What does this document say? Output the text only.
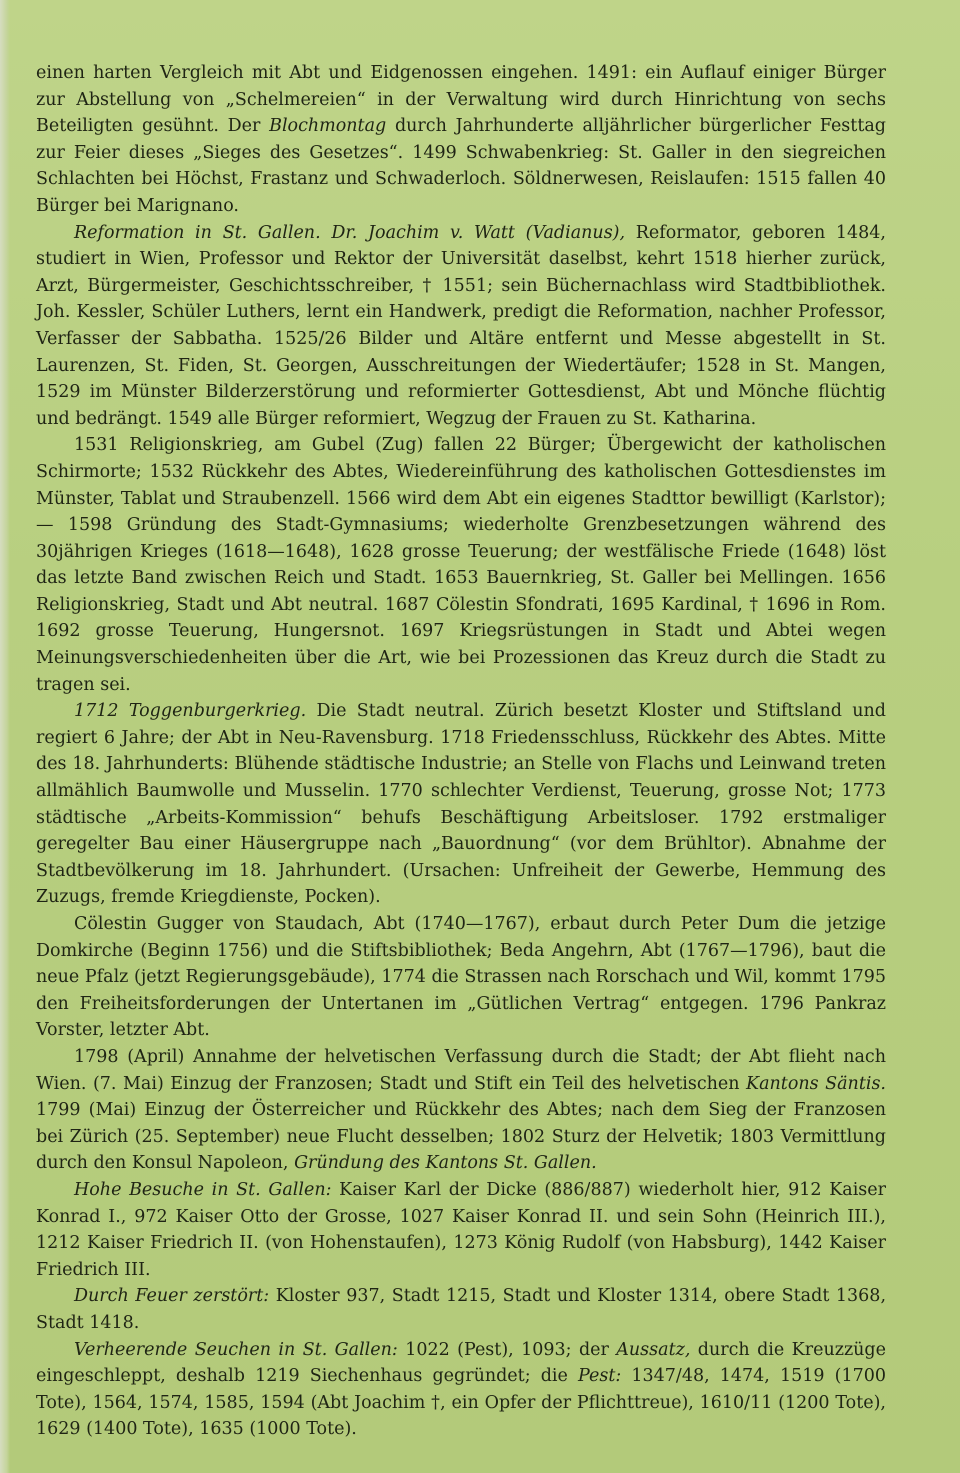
einen harten Vergleich mit Abt und Eidgenossen eingehen. 1491: ein Auflauf einiger Bürger zur Abstellung von „Schelmereien“ in der Verwaltung wird durch Hinrichtung von sechs Beteiligten gesühnt. Der Blochmontag durch Jahrhunderte alljährlicher bürgerlicher Festtag zur Feier dieses „Sieges des Gesetzes“. 1499 Schwabenkrieg: St. Galler in den siegreichen Schlachten bei Höchst, Frastanz und Schwaderloch. Söldnerwesen, Reislaufen: 1515 fallen 40 Bürger bei Marignano.

Reformation in St. Gallen. Dr. Joachim v. Watt (Vadianus), Reformator, geboren 1484, studiert in Wien, Professor und Rektor der Universität daselbst, kehrt 1518 hierher zurück, Arzt, Bürgermeister, Geschichtsschreiber, † 1551; sein Büchernachlass wird Stadtbibliothek. Joh. Kessler, Schüler Luthers, lernt ein Handwerk, predigt die Reformation, nachher Professor, Verfasser der Sabbatha. 1525/26 Bilder und Altäre entfernt und Messe abgestellt in St. Laurenzen, St. Fiden, St. Georgen, Ausschreitungen der Wiedertäufer; 1528 in St. Mangen, 1529 im Münster Bilderzerstörung und reformierter Gottesdienst, Abt und Mönche flüchtig und bedrängt. 1549 alle Bürger reformiert, Wegzug der Frauen zu St. Katharina.

1531 Religionskrieg, am Gubel (Zug) fallen 22 Bürger; Übergewicht der katholischen Schirmorte; 1532 Rückkehr des Abtes, Wiedereinführung des katholischen Gottesdienstes im Münster, Tablat und Straubenzell. 1566 wird dem Abt ein eigenes Stadttor bewilligt (Karlstor); — 1598 Gründung des Stadt-Gymnasiums; wiederholte Grenzbesetzungen während des 30jährigen Krieges (1618—1648), 1628 grosse Teuerung; der westfälische Friede (1648) löst das letzte Band zwischen Reich und Stadt. 1653 Bauernkrieg, St. Galler bei Mellingen. 1656 Religionskrieg, Stadt und Abt neutral. 1687 Cölestin Sfondrati, 1695 Kardinal, † 1696 in Rom. 1692 grosse Teuerung, Hungersnot. 1697 Kriegsrüstungen in Stadt und Abtei wegen Meinungsverschiedenheiten über die Art, wie bei Prozessionen das Kreuz durch die Stadt zu tragen sei.

1712 Toggenburgerkrieg. Die Stadt neutral. Zürich besetzt Kloster und Stiftsland und regiert 6 Jahre; der Abt in Neu-Ravensburg. 1718 Friedensschluss, Rückkehr des Abtes. Mitte des 18. Jahrhunderts: Blühende städtische Industrie; an Stelle von Flachs und Leinwand treten allmählich Baumwolle und Musselin. 1770 schlechter Verdienst, Teuerung, grosse Not; 1773 städtische „Arbeits-Kommission“ behufs Beschäftigung Arbeitsloser. 1792 erstmaliger geregelter Bau einer Häusergruppe nach „Bauordnung“ (vor dem Brühltor). Abnahme der Stadtbevölkerung im 18. Jahrhundert. (Ursachen: Unfreiheit der Gewerbe, Hemmung des Zuzugs, fremde Kriegdienste, Pocken).

Cölestin Gugger von Staudach, Abt (1740—1767), erbaut durch Peter Dum die jetzige Domkirche (Beginn 1756) und die Stiftsbibliothek; Beda Angehrn, Abt (1767—1796), baut die neue Pfalz (jetzt Regierungsgebäude), 1774 die Strassen nach Rorschach und Wil, kommt 1795 den Freiheitsforderungen der Untertanen im „Gütlichen Vertrag“ entgegen. 1796 Pankraz Vorster, letzter Abt.

1798 (April) Annahme der helvetischen Verfassung durch die Stadt; der Abt flieht nach Wien. (7. Mai) Einzug der Franzosen; Stadt und Stift ein Teil des helvetischen Kantons Säntis. 1799 (Mai) Einzug der Österreicher und Rückkehr des Abtes; nach dem Sieg der Franzosen bei Zürich (25. September) neue Flucht desselben; 1802 Sturz der Helvetik; 1803 Vermittlung durch den Konsul Napoleon, Gründung des Kantons St. Gallen.

Hohe Besuche in St. Gallen: Kaiser Karl der Dicke (886/887) wiederholt hier, 912 Kaiser Konrad I., 972 Kaiser Otto der Grosse, 1027 Kaiser Konrad II. und sein Sohn (Heinrich III.), 1212 Kaiser Friedrich II. (von Hohenstaufen), 1273 König Rudolf (von Habsburg), 1442 Kaiser Friedrich III.

Durch Feuer zerstört: Kloster 937, Stadt 1215, Stadt und Kloster 1314, obere Stadt 1368, Stadt 1418.

Verheerende Seuchen in St. Gallen: 1022 (Pest), 1093; der Aussatz, durch die Kreuzzüge eingeschleppt, deshalb 1219 Siechenhaus gegründet; die Pest: 1347/48, 1474, 1519 (1700 Tote), 1564, 1574, 1585, 1594 (Abt Joachim †, ein Opfer der Pflichttreue), 1610/11 (1200 Tote), 1629 (1400 Tote), 1635 (1000 Tote).
